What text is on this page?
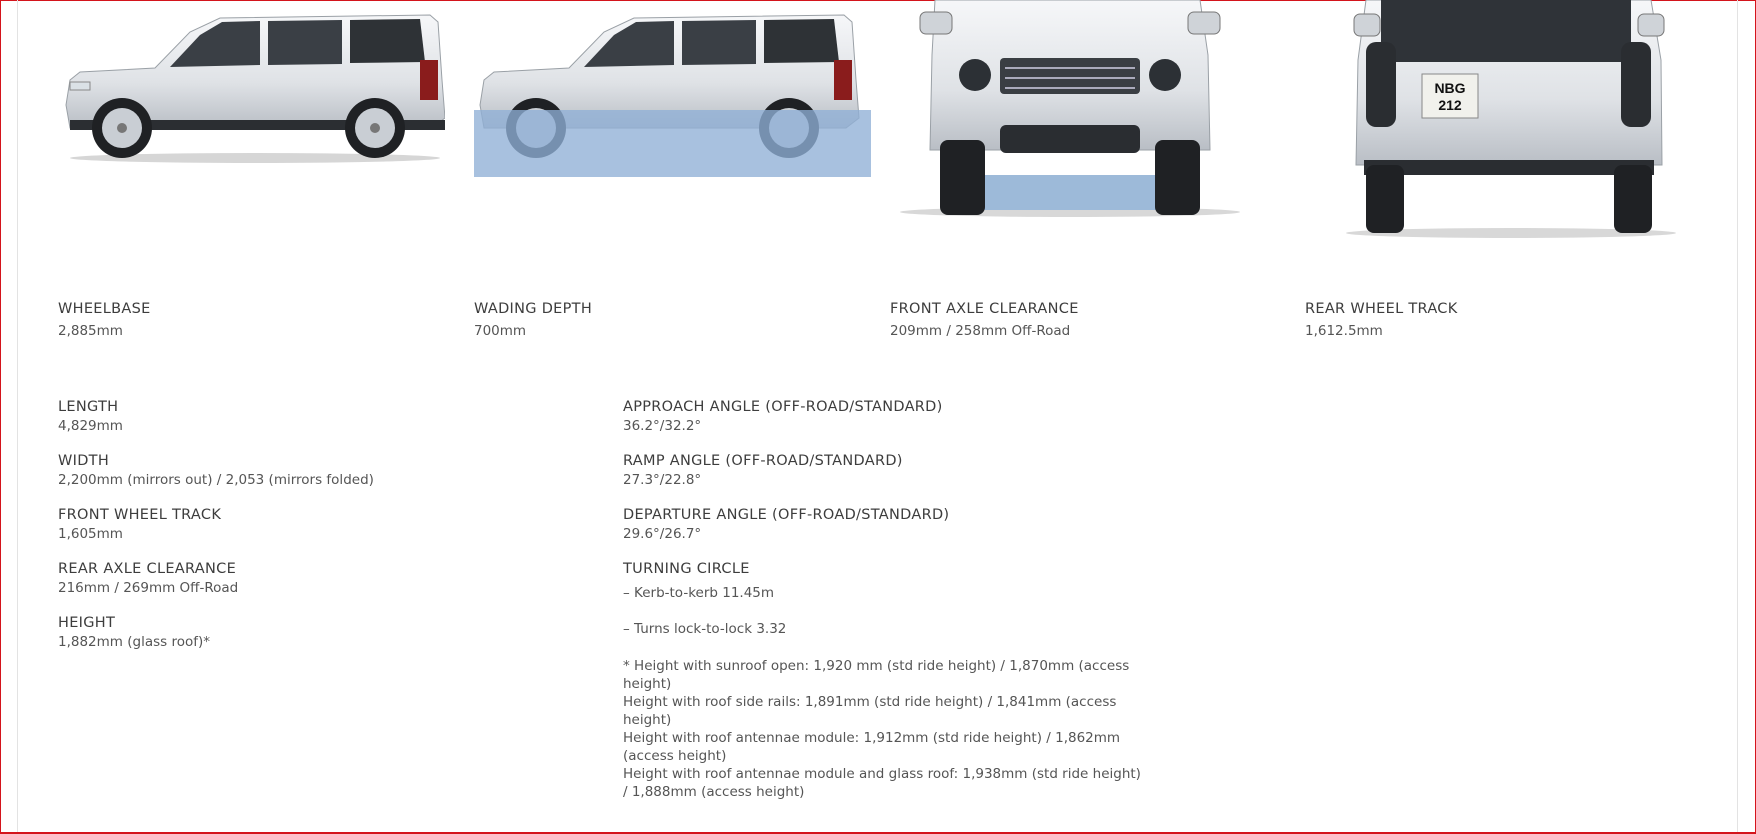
NBG
212
WHEELBASE
2,885mm
WADING DEPTH
700mm
FRONT AXLE CLEARANCE
209mm / 258mm Off-Road
REAR WHEEL TRACK
1,612.5mm
LENGTH
4,829mm
WIDTH
2,200mm (mirrors out) / 2,053 (mirrors folded)
FRONT WHEEL TRACK
1,605mm
REAR AXLE CLEARANCE
216mm / 269mm Off-Road
HEIGHT
1,882mm (glass roof)*
APPROACH ANGLE (OFF-ROAD/STANDARD)
36.2°/32.2°
RAMP ANGLE (OFF-ROAD/STANDARD)
27.3°/22.8°
DEPARTURE ANGLE (OFF-ROAD/STANDARD)
29.6°/26.7°
TURNING CIRCLE
– Kerb-to-kerb 11.45m
– Turns lock-to-lock 3.32
* Height with sunroof open: 1,920 mm (std ride height) / 1,870mm (access height)
Height with roof side rails: 1,891mm (std ride height) / 1,841mm (access height)
Height with roof antennae module: 1,912mm (std ride height) / 1,862mm (access height)
Height with roof antennae module and glass roof: 1,938mm (std ride height) / 1,888mm (access height)
